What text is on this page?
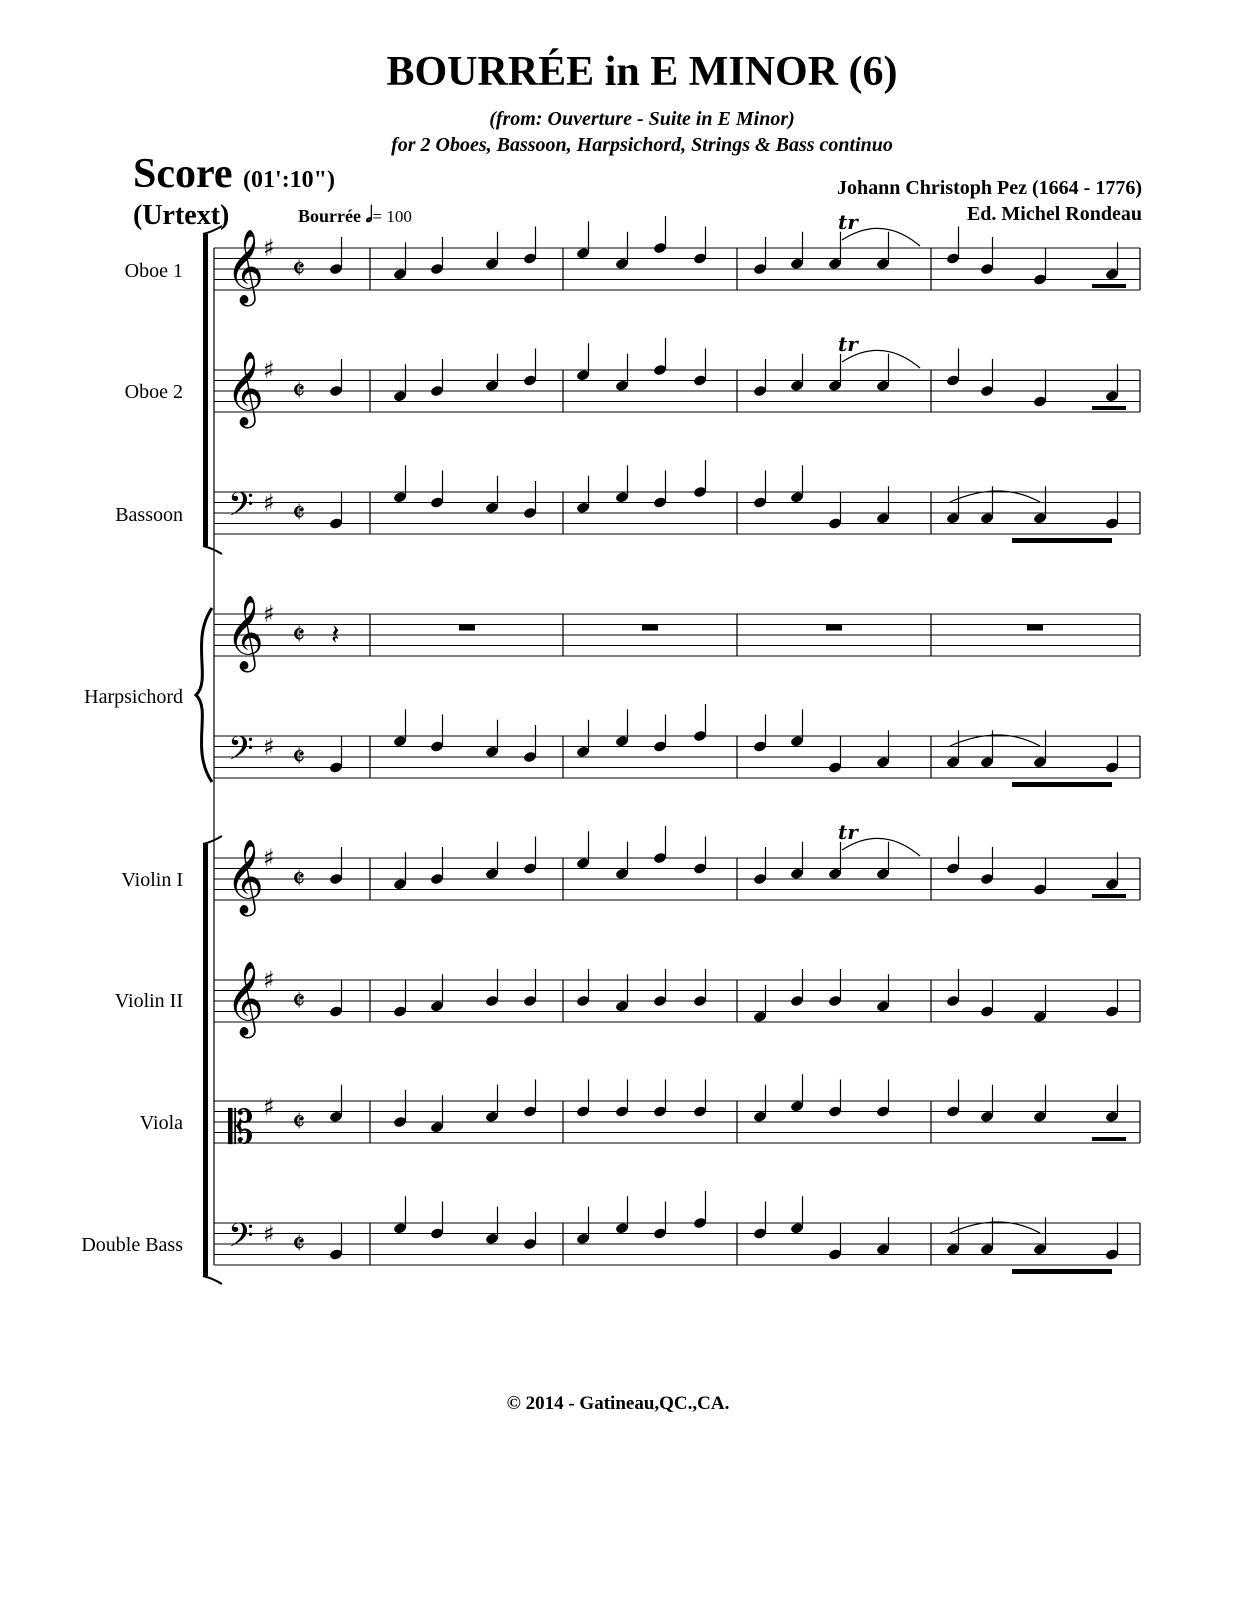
BOURRÉE in E MINOR (6)
(from: Ouverture - Suite in E Minor)
for 2 Oboes, Bassoon, Harpsichord, Strings & Bass continuo
Score (01':10")
(Urtext)
Johann Christoph Pez (1664 - 1776)
Ed. Michel Rondeau
Bourrée 𝅗𝅥= 100
Oboe 1
Oboe 2
Bassoon
Harpsichord
Violin I
Violin II
Viola
Double Bass
𝄞 ♯
𝄵
tr
𝄞 ♯
𝄵
tr
𝄢 ♯ 𝄵
𝄞 ♯
𝄵 𝄽
𝄢 ♯ 𝄵
𝄞 ♯
𝄵
tr
𝄞 ♯
𝄵
𝄡 ♯ 𝄵
𝄢 ♯ 𝄵
© 2014 - Gatineau,QC.,CA.
